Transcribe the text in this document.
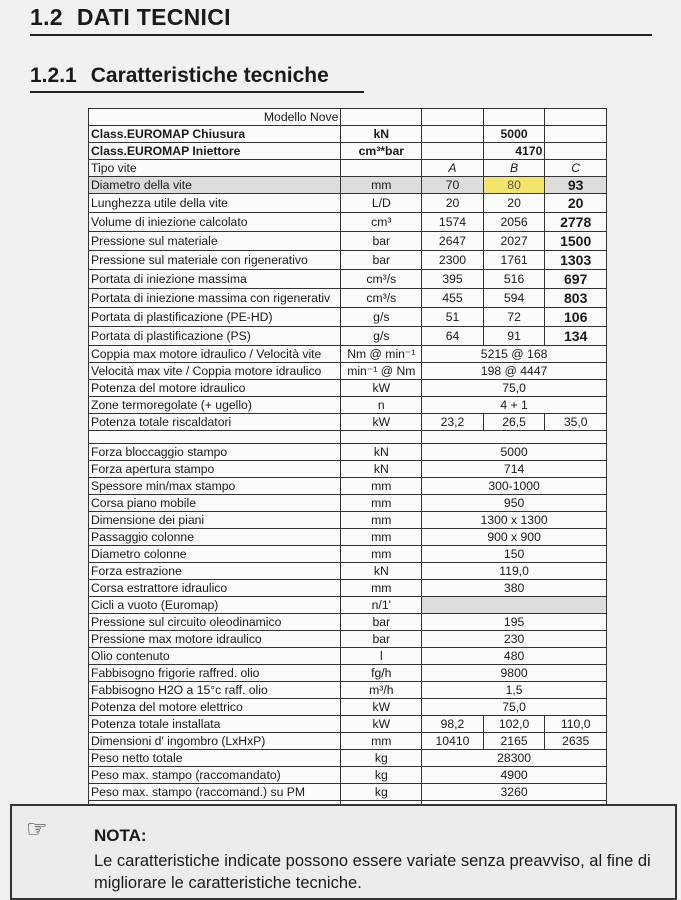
1.2 DATI TECNICI
1.2.1 Caratteristiche tecniche
Modello Nove				
Class.EUROMAP Chiusura	kN		5000	
Class.EUROMAP Iniettore	cm³*bar		4170	
Tipo vite		A	B	C
Diametro della vite	mm	70	80	93
Lunghezza utile della vite	L/D	20	20	20
Volume di iniezione calcolato	cm³	1574	2056	2778
Pressione sul materiale	bar	2647	2027	1500
Pressione sul materiale con rigenerativo	bar	2300	1761	1303
Portata di iniezione massima	cm³/s	395	516	697
Portata di iniezione massima con rigenerativ	cm³/s	455	594	803
Portata di plastificazione (PE-HD)	g/s	51	72	106
Portata di plastificazione (PS)	g/s	64	91	134
Coppia max motore idraulico / Velocità vite	Nm @ min⁻¹	5215 @ 168		
Velocità max vite / Coppia motore idraulico	min⁻¹ @ Nm	198 @ 4447		
Potenza del motore idraulico	kW	75,0		
Zone termoregolate (+ ugello)	n	4 + 1		
Potenza totale riscaldatori	kW	23,2	26,5	35,0

Forza bloccaggio stampo	kN	5000		
Forza apertura stampo	kN	714		
Spessore min/max stampo	mm	300-1000		
Corsa piano mobile	mm	950		
Dimensione dei piani	mm	1300 x 1300		
Passaggio colonne	mm	900 x 900		
Diametro colonne	mm	150		
Forza estrazione	kN	119,0		
Corsa estrattore idraulico	mm	380		
Cicli a vuoto (Euromap)	n/1'			
Pressione sul circuito oleodinamico	bar	195		
Pressione max motore idraulico	bar	230		
Olio contenuto	l	480		
Fabbisogno frigorie raffred. olio	fg/h	9800		
Fabbisogno H2O a 15°c raff. olio	m³/h	1,5		
Potenza del motore elettrico	kW	75,0		
Potenza totale installata	kW	98,2	102,0	110,0
Dimensioni d' ingombro (LxHxP)	mm	10410	2165	2635
Peso netto totale	kg	28300		
Peso max. stampo (raccomandato)	kg	4900		
Peso max. stampo (raccomand.) su PM	kg	3260		

☞	NOTA:
Le caratteristiche indicate possono essere variate senza preavviso, al fine di migliorare le caratteristiche tecniche.
